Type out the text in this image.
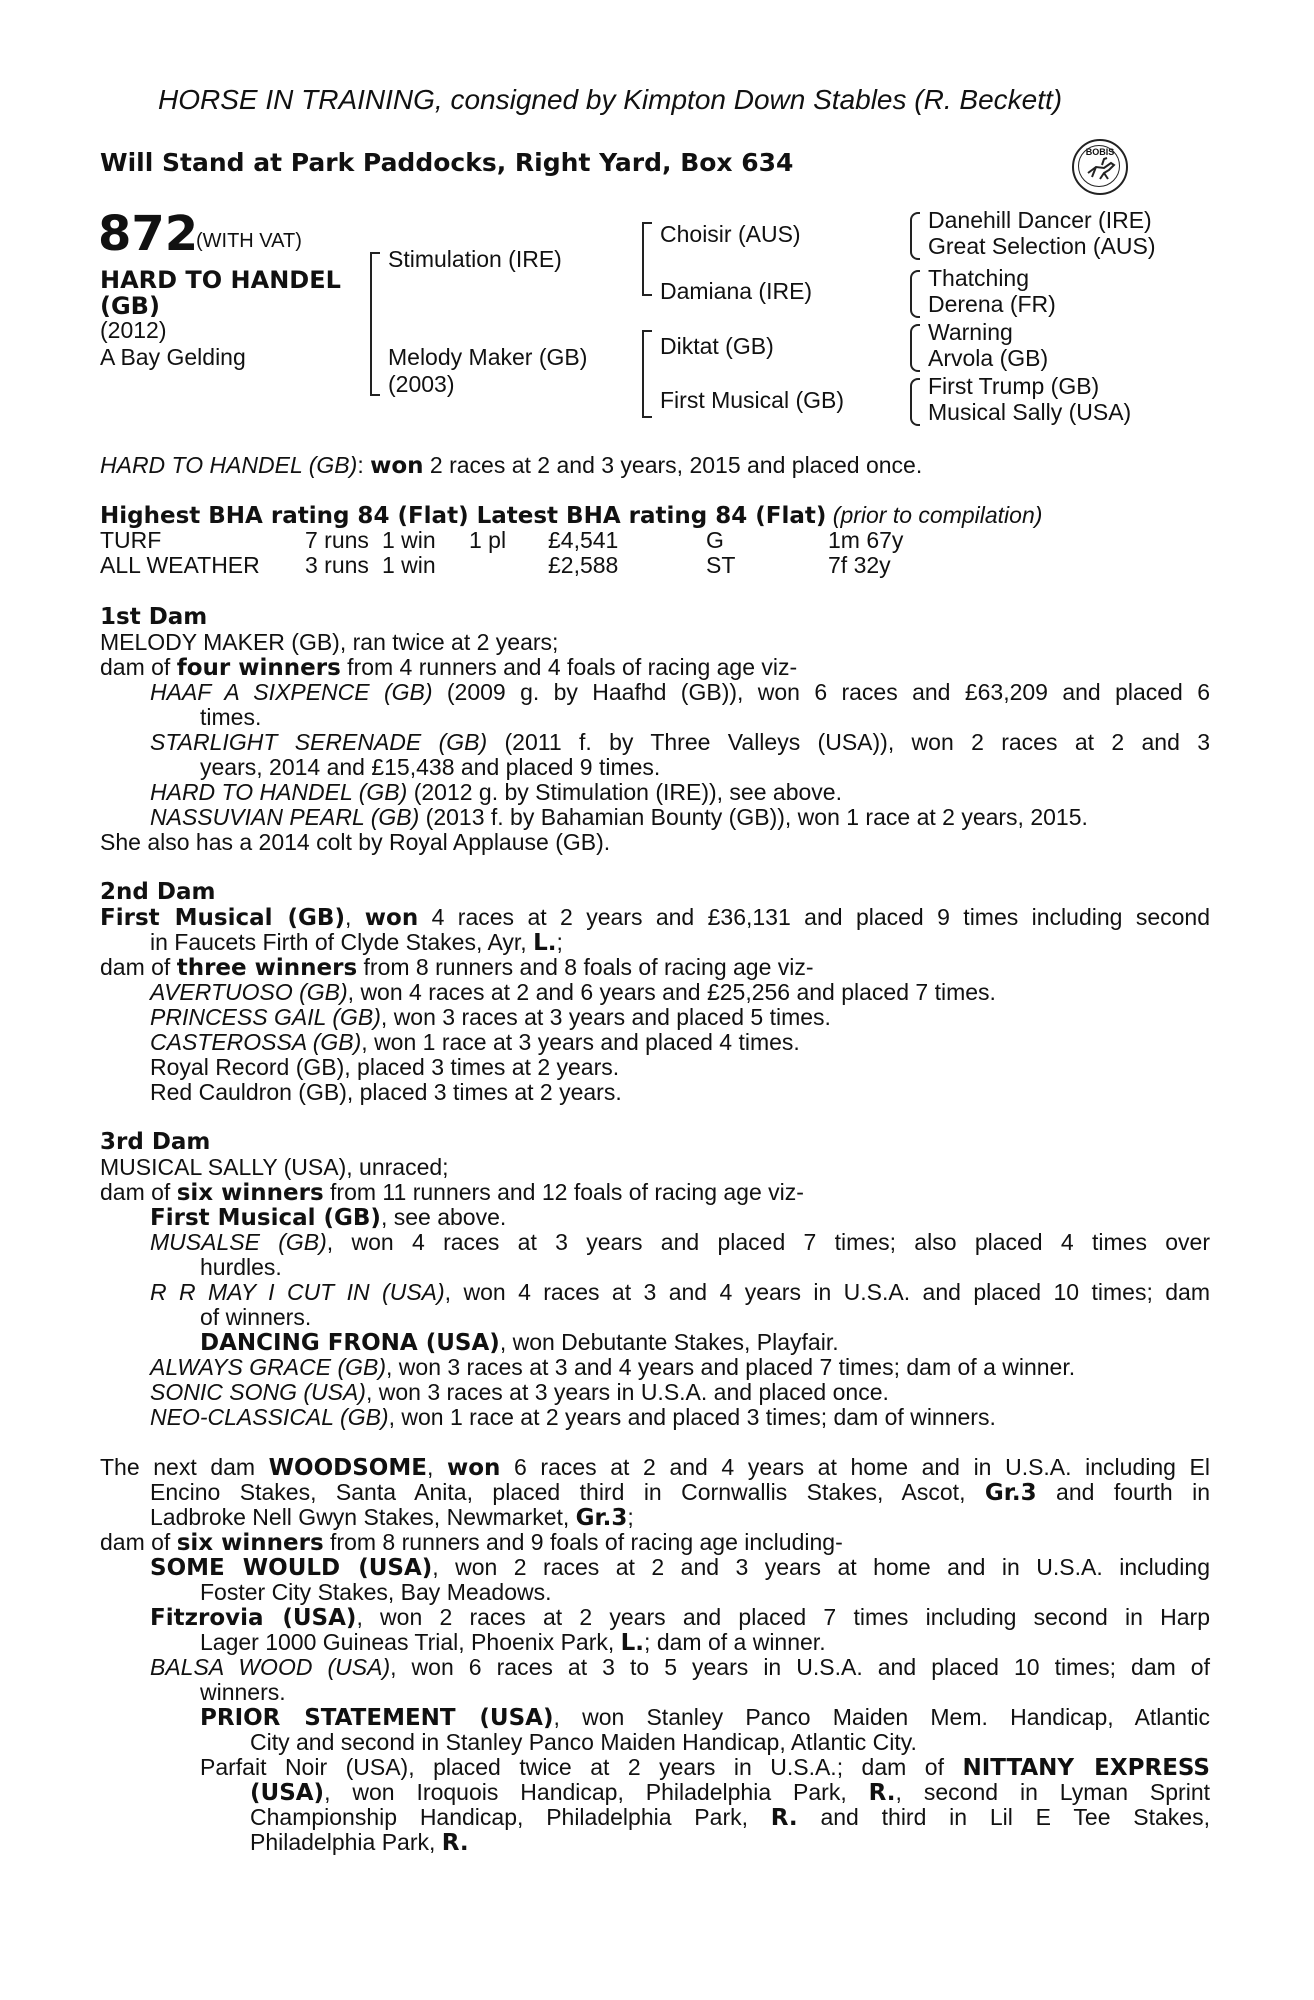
HORSE IN TRAINING, consigned by Kimpton Down Stables (R. Beckett)
Will Stand at Park Paddocks, Right Yard, Box 634	BOBIS
872
(WITH VAT)
HARD TO HANDEL
(GB)
(2012)
A Bay Gelding
Stimulation (IRE)
Melody Maker (GB)
(2003)
Choisir (AUS)
Damiana (IRE)
Diktat (GB)
First Musical (GB)
Danehill Dancer (IRE)
Great Selection (AUS)
Thatching
Derena (FR)
Warning
Arvola (GB)
First Trump (GB)
Musical Sally (USA)
HARD TO HANDEL (GB): won 2 races at 2 and 3 years, 2015 and placed once.
Highest BHA rating 84 (Flat) Latest BHA rating 84 (Flat) (prior to compilation)
TURF	7 runs 1 win 1 pl £4,541	G	1m 67y
ALL WEATHER 3 runs 1 win	£2,588	ST	7f 32y
1st Dam
MELODY MAKER (GB), ran twice at 2 years;
dam of four winners from 4 runners and 4 foals of racing age viz-
HAAF A SIXPENCE (GB) (2009 g. by Haafhd (GB)), won 6 races and £63,209 and placed 6
times.
STARLIGHT SERENADE (GB) (2011 f. by Three Valleys (USA)), won 2 races at 2 and 3
years, 2014 and £15,438 and placed 9 times.
HARD TO HANDEL (GB) (2012 g. by Stimulation (IRE)), see above.
NASSUVIAN PEARL (GB) (2013 f. by Bahamian Bounty (GB)), won 1 race at 2 years, 2015.
She also has a 2014 colt by Royal Applause (GB).
2nd Dam
First Musical (GB), won 4 races at 2 years and £36,131 and placed 9 times including second
in Faucets Firth of Clyde Stakes, Ayr, L.;
dam of three winners from 8 runners and 8 foals of racing age viz-
AVERTUOSO (GB), won 4 races at 2 and 6 years and £25,256 and placed 7 times.
PRINCESS GAIL (GB), won 3 races at 3 years and placed 5 times.
CASTEROSSA (GB), won 1 race at 3 years and placed 4 times.
Royal Record (GB), placed 3 times at 2 years.
Red Cauldron (GB), placed 3 times at 2 years.
3rd Dam
MUSICAL SALLY (USA), unraced;
dam of six winners from 11 runners and 12 foals of racing age viz-
First Musical (GB), see above.
MUSALSE (GB), won 4 races at 3 years and placed 7 times; also placed 4 times over
hurdles.
R R MAY I CUT IN (USA), won 4 races at 3 and 4 years in U.S.A. and placed 10 times; dam
of winners.
DANCING FRONA (USA), won Debutante Stakes, Playfair.
ALWAYS GRACE (GB), won 3 races at 3 and 4 years and placed 7 times; dam of a winner.
SONIC SONG (USA), won 3 races at 3 years in U.S.A. and placed once.
NEO-CLASSICAL (GB), won 1 race at 2 years and placed 3 times; dam of winners.
The next dam WOODSOME, won 6 races at 2 and 4 years at home and in U.S.A. including El
Encino Stakes, Santa Anita, placed third in Cornwallis Stakes, Ascot, Gr.3 and fourth in
Ladbroke Nell Gwyn Stakes, Newmarket, Gr.3;
dam of six winners from 8 runners and 9 foals of racing age including-
SOME WOULD (USA), won 2 races at 2 and 3 years at home and in U.S.A. including
Foster City Stakes, Bay Meadows.
Fitzrovia (USA), won 2 races at 2 years and placed 7 times including second in Harp
Lager 1000 Guineas Trial, Phoenix Park, L.; dam of a winner.
BALSA WOOD (USA), won 6 races at 3 to 5 years in U.S.A. and placed 10 times; dam of
winners.
PRIOR STATEMENT (USA), won Stanley Panco Maiden Mem. Handicap, Atlantic
City and second in Stanley Panco Maiden Handicap, Atlantic City.
Parfait Noir (USA), placed twice at 2 years in U.S.A.; dam of NITTANY EXPRESS
(USA), won Iroquois Handicap, Philadelphia Park, R., second in Lyman Sprint
Championship Handicap, Philadelphia Park, R. and third in Lil E Tee Stakes,
Philadelphia Park, R.
